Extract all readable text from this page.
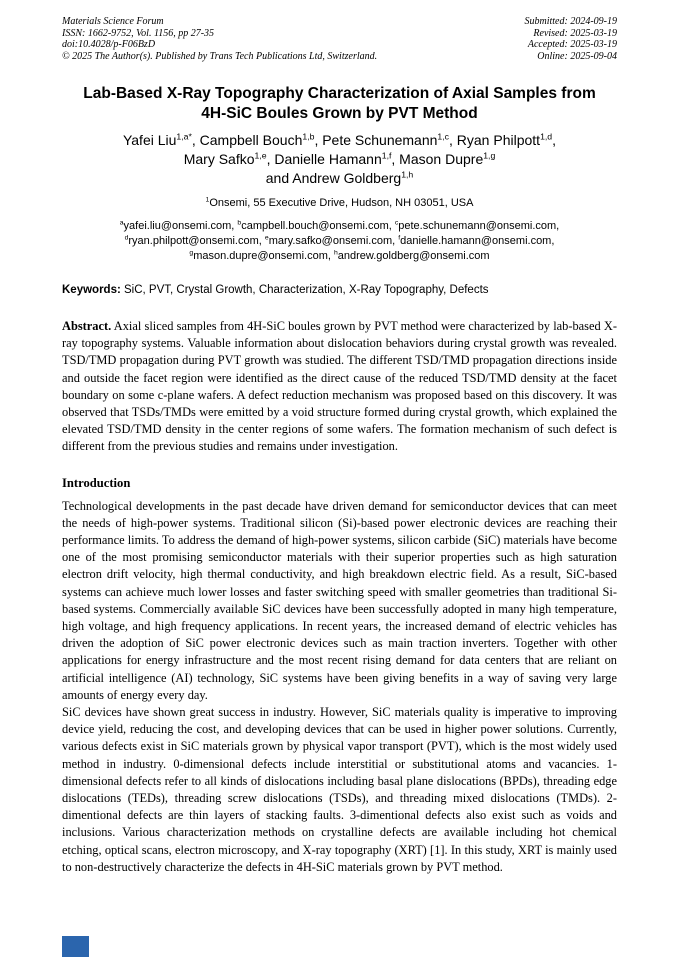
Materials Science Forum
ISSN: 1662-9752, Vol. 1156, pp 27-35
doi:10.4028/p-F06BzD
© 2025 The Author(s). Published by Trans Tech Publications Ltd, Switzerland.
Submitted: 2024-09-19
Revised: 2025-03-19
Accepted: 2025-03-19
Online: 2025-09-04
Lab-Based X-Ray Topography Characterization of Axial Samples from
4H-SiC Boules Grown by PVT Method
Yafei Liu$^{1,a*}$, Campbell Bouch$^{1,b}$, Pete Schunemann$^{1,c}$, Ryan Philpott$^{1,d}$,
Mary Safko$^{1,e}$, Danielle Hamann$^{1,f}$, Mason Dupre$^{1,g}$
and Andrew Goldberg$^{1,h}$
$^1$Onsemi, 55 Executive Drive, Hudson, NH 03051, USA
$^a$yafei.liu@onsemi.com, $^b$campbell.bouch@onsemi.com, $^c$pete.schunemann@onsemi.com,
$^d$ryan.philpott@onsemi.com, $^e$mary.safko@onsemi.com, $^f$danielle.hamann@onsemi.com,
$^g$mason.dupre@onsemi.com, $^h$andrew.goldberg@onsemi.com
Keywords: SiC, PVT, Crystal Growth, Characterization, X-Ray Topography, Defects
Abstract. Axial sliced samples from 4H-SiC boules grown by PVT method were characterized by lab-based X-ray topography systems. Valuable information about dislocation behaviors during crystal growth was revealed. TSD/TMD propagation during PVT growth was studied. The different TSD/TMD propagation directions inside and outside the facet region were identified as the direct cause of the reduced TSD/TMD density at the facet boundary on some c-plane wafers. A defect reduction mechanism was proposed based on this discovery. It was observed that TSDs/TMDs were emitted by a void structure formed during crystal growth, which explained the elevated TSD/TMD density in the center regions of some wafers. The formation mechanism of such defect is different from the previous studies and remains under investigation.
Introduction

Technological developments in the past decade have driven demand for semiconductor devices that can meet the needs of high-power systems. Traditional silicon (Si)-based power electronic devices are reaching their performance limits. To address the demand of high-power systems, silicon carbide (SiC) materials have become one of the most promising semiconductor materials with their superior properties such as high saturation electron drift velocity, high thermal conductivity, and high breakdown electric field. As a result, SiC-based systems can achieve much lower losses and faster switching speed with smaller geometries than traditional Si-based systems. Commercially available SiC devices have been successfully adopted in many high temperature, high voltage, and high frequency applications. In recent years, the increased demand of electric vehicles has driven the adoption of SiC power electronic devices such as main traction inverters. Together with other applications for energy infrastructure and the most recent rising demand for data centers that are reliant on artificial intelligence (AI) technology, SiC systems have been giving benefits in a way of saving very large amounts of energy every day.

SiC devices have shown great success in industry. However, SiC materials quality is imperative to improving device yield, reducing the cost, and developing devices that can be used in higher power solutions. Currently, various defects exist in SiC materials grown by physical vapor transport (PVT), which is the most widely used method in industry. 0-dimensional defects include interstitial or substitutional atoms and vacancies. 1-dimensional defects refer to all kinds of dislocations including basal plane dislocations (BPDs), threading edge dislocations (TEDs), threading screw dislocations (TSDs), and threading mixed dislocations (TMDs). 2-dimentional defects are thin layers of stacking faults. 3-dimentional defects also exist such as voids and inclusions. Various characterization methods on crystalline defects are available including hot chemical etching, optical scans, electron microscopy, and X-ray topography (XRT) [1]. In this study, XRT is mainly used to non-destructively characterize the defects in 4H-SiC materials grown by PVT method.
